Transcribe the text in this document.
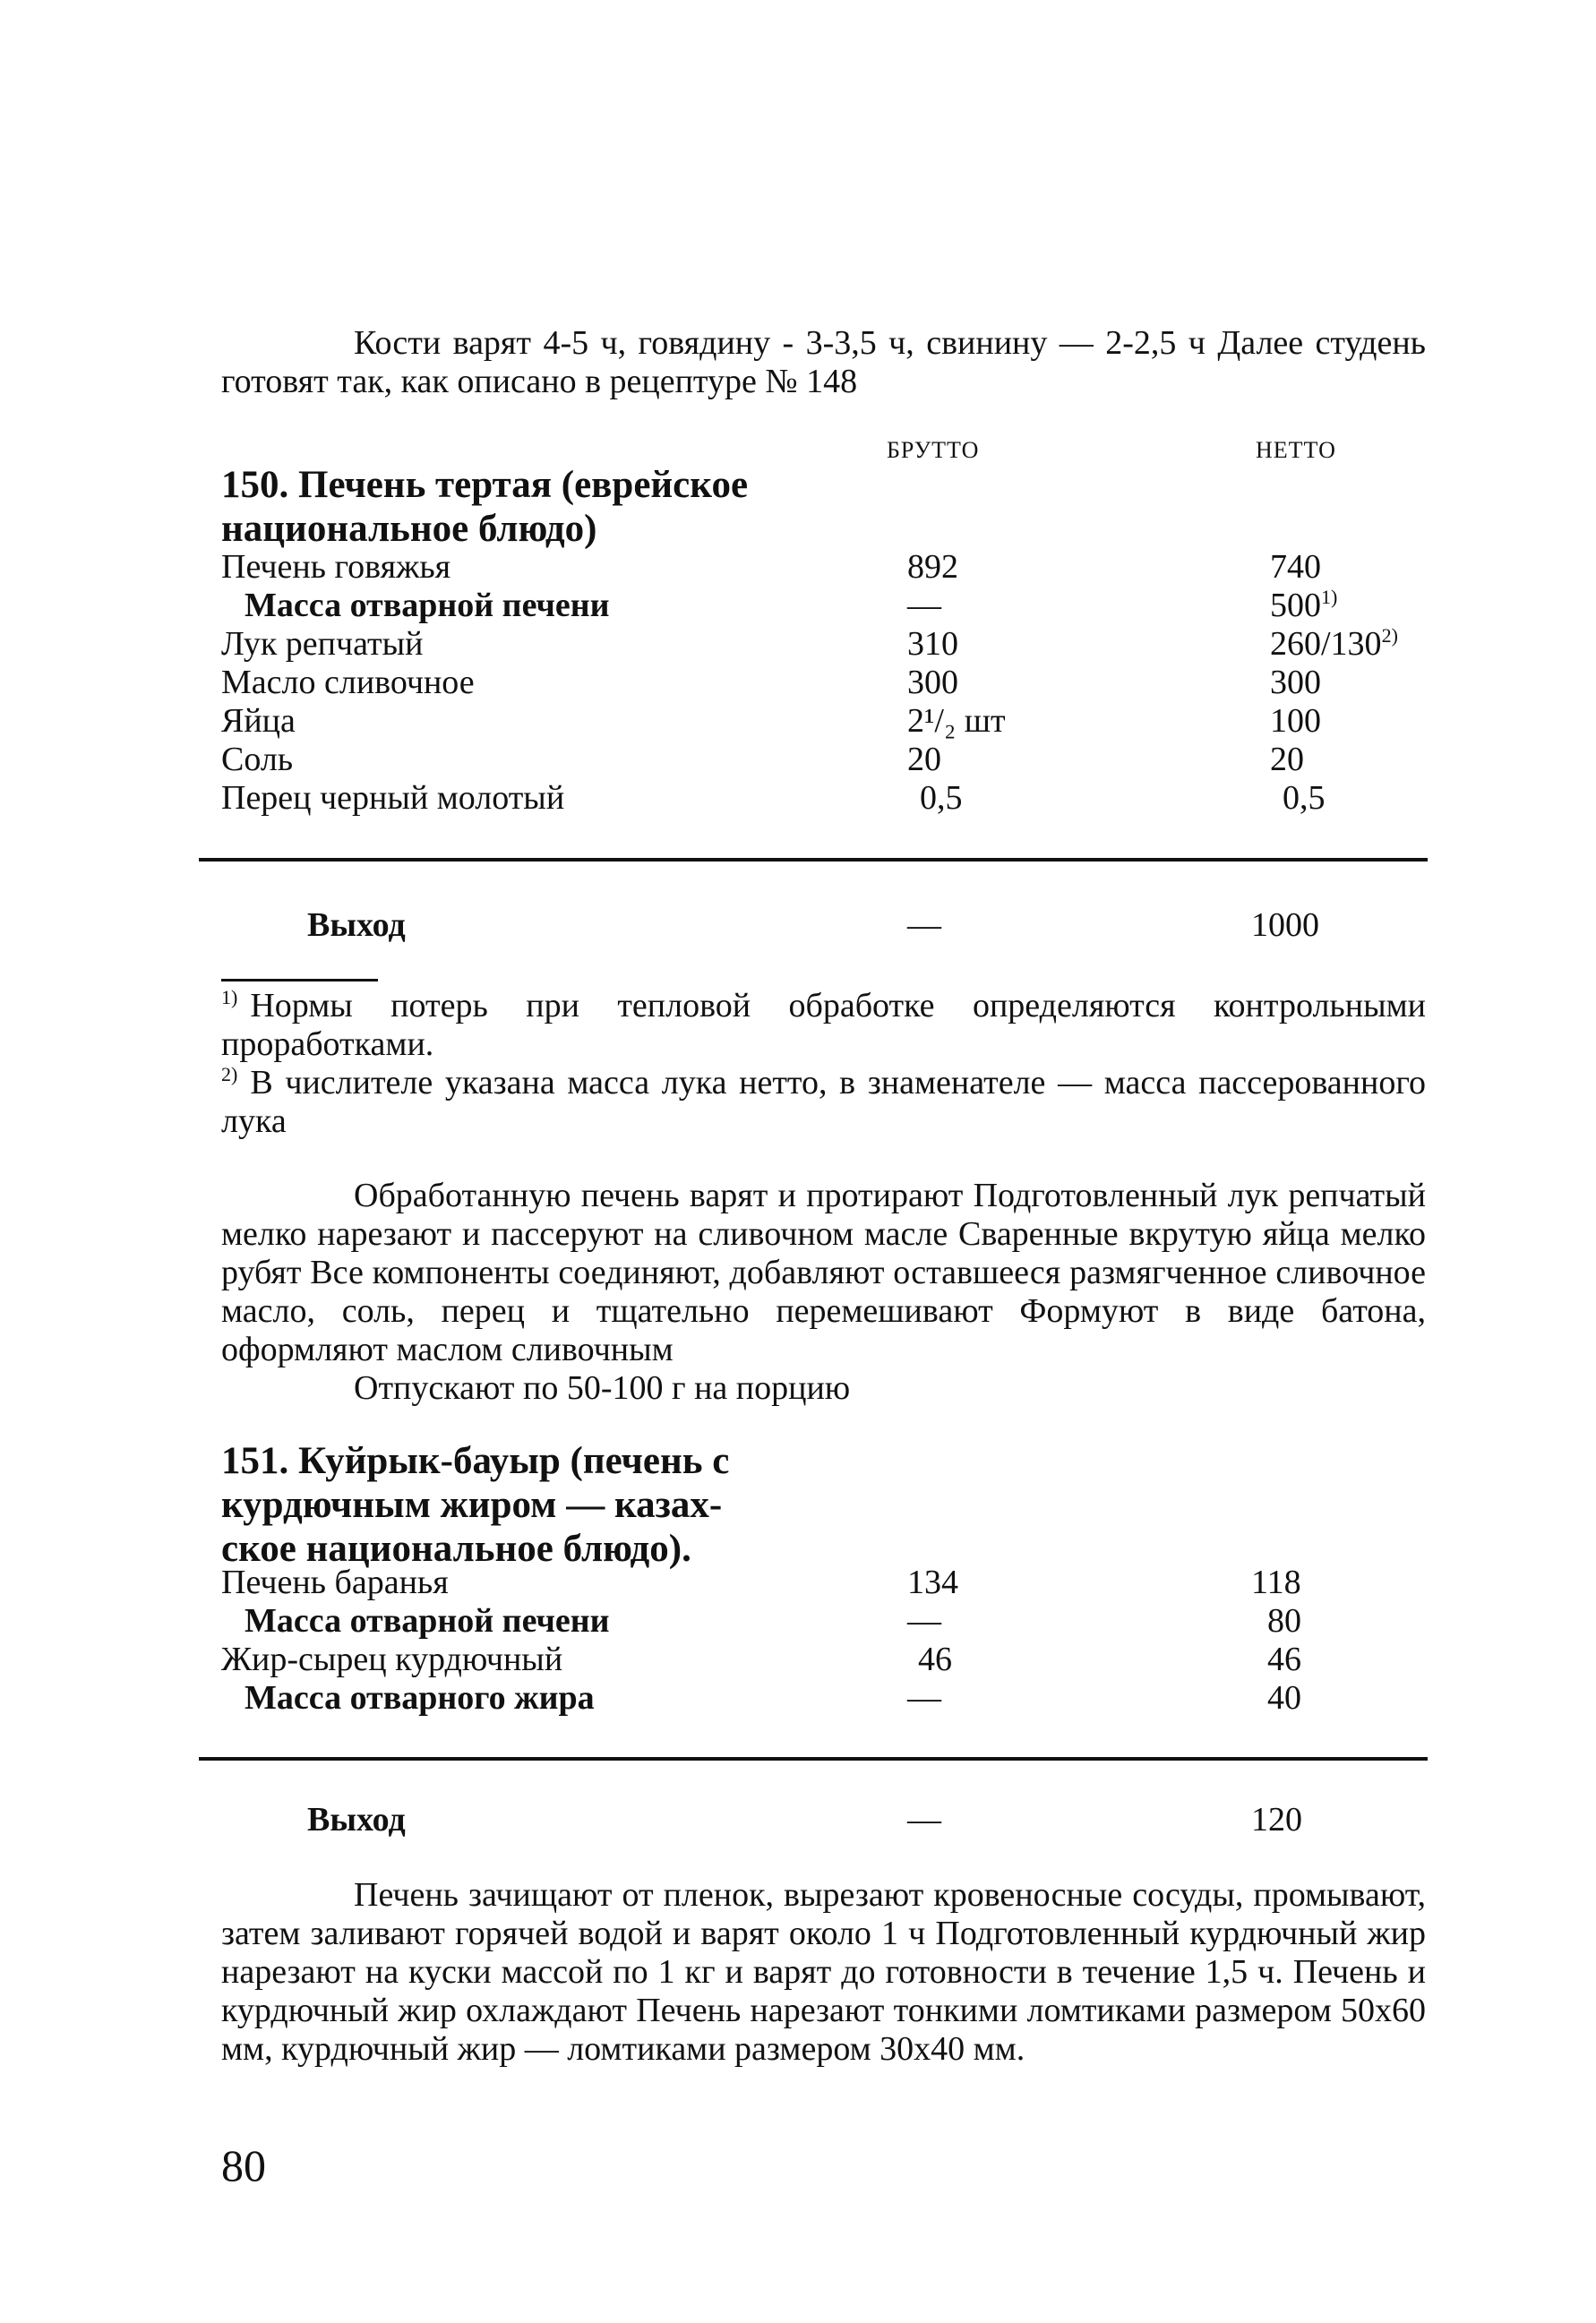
Кости варят 4-5 ч, говядину - 3-3,5 ч, свинину — 2-2,5 ч Далее студень готовят так, как описано в рецептуре № 148

БРУТТО	НЕТТО
150. Печень тертая (еврейское
национальное блюдо)
Печень говяжья	892	740
Масса отварной печени	—	500$^{1)}$
Лук репчатый	310	260/130$^{2)}$
Масло сливочное	300	300
Яйца	2¹/₂ шт	100
Соль	20	20
Перец черный молотый	0,5	0,5
Выход	—	1000

$^{1)}$ Нормы потерь при тепловой обработке определяются контрольными проработками.

$^{2)}$ В числителе указана масса лука нетто, в знаменателе — масса пассерованного лука

Обработанную печень варят и протирают Подготовленный лук репчатый мелко нарезают и пассеруют на сливочном масле Сваренные вкрутую яйца мелко рубят Все компоненты соединяют, добавляют оставшееся размягченное сливочное масло, соль, перец и тщательно перемешивают Формуют в виде батона, оформляют маслом сливочным

Отпускают по 50-100 г на порцию

151. Куйрык-бауыр (печень с
курдючным жиром — казах-
ское национальное блюдо).
Печень баранья	134	118
Масса отварной печени	—	80
Жир-сырец курдючный	46	46
Масса отварного жира	—	40
Выход	—	120

Печень зачищают от пленок, вырезают кровеносные сосуды, промывают, затем заливают горячей водой и варят около 1 ч Подготовленный курдючный жир нарезают на куски массой по 1 кг и варят до готовности в течение 1,5 ч. Печень и курдючный жир охлаждают Печень нарезают тонкими ломтиками размером 50х60 мм, курдючный жир — ломтиками размером 30х40 мм.

80
